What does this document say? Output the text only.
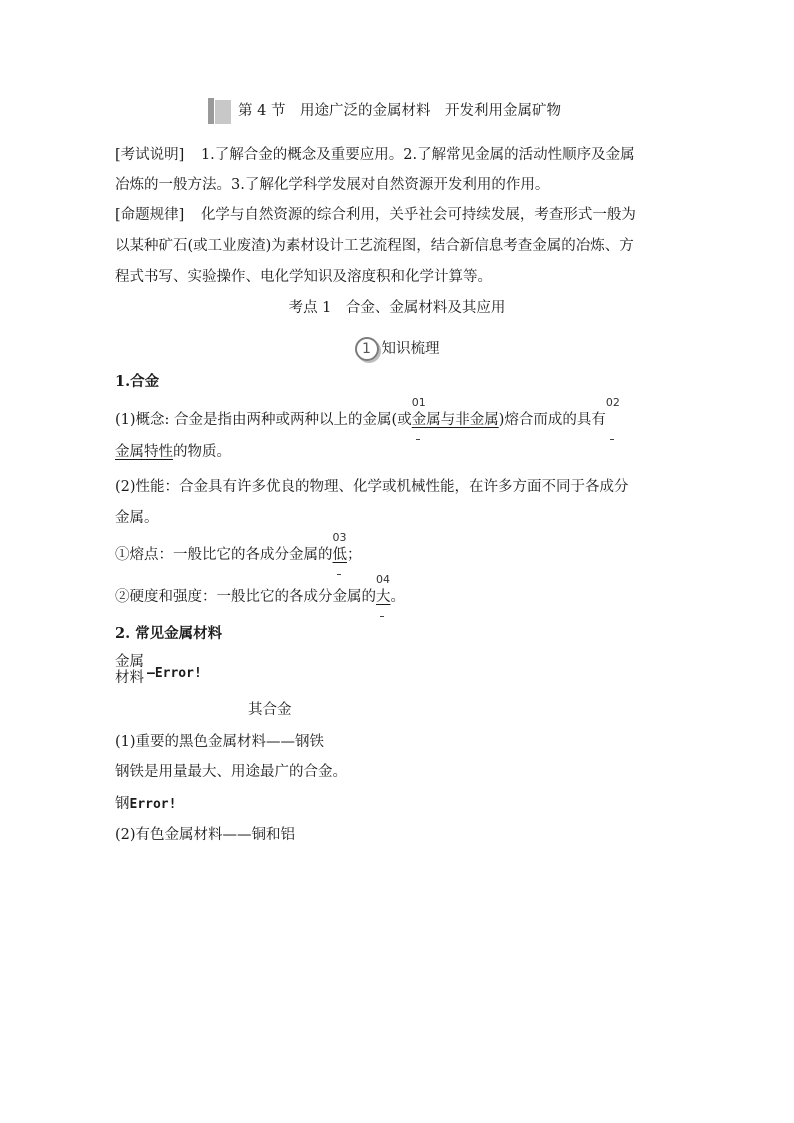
第 4 节　用途广泛的金属材料　开发利用金属矿物
[考试说明] 1.了解合金的概念及重要应用。2.了解常见金属的活动性顺序及金属
冶炼的一般方法。3.了解化学科学发展对自然资源开发利用的作用。
[命题规律] 化学与自然资源的综合利用，关乎社会可持续发展，考查形式一般为
以某种矿石(或工业废渣)为素材设计工艺流程图，结合新信息考查金属的冶炼、方
程式书写、实验操作、电化学知识及溶度积和化学计算等。
考点 1　合金、金属材料及其应用
1 知识梳理
1.合金
(1)概念: 合金是指由两种或两种以上的金属(或
01
金属与非金属)熔合而成的具有
02
金属特性的物质。
(2)性能：合金具有许多优良的物理、化学或机械性能，在许多方面不同于各成分
金属。
①熔点：一般比它的各成分金属的
03
低；
②硬度和强度：一般比它的各成分金属的
04
大。
2. 常见金属材料
金属
材料 —Error!
其合金
(1)重要的黑色金属材料——钢铁
钢铁是用量最大、用途最广的合金。
钢Error!
(2)有色金属材料——铜和铝
